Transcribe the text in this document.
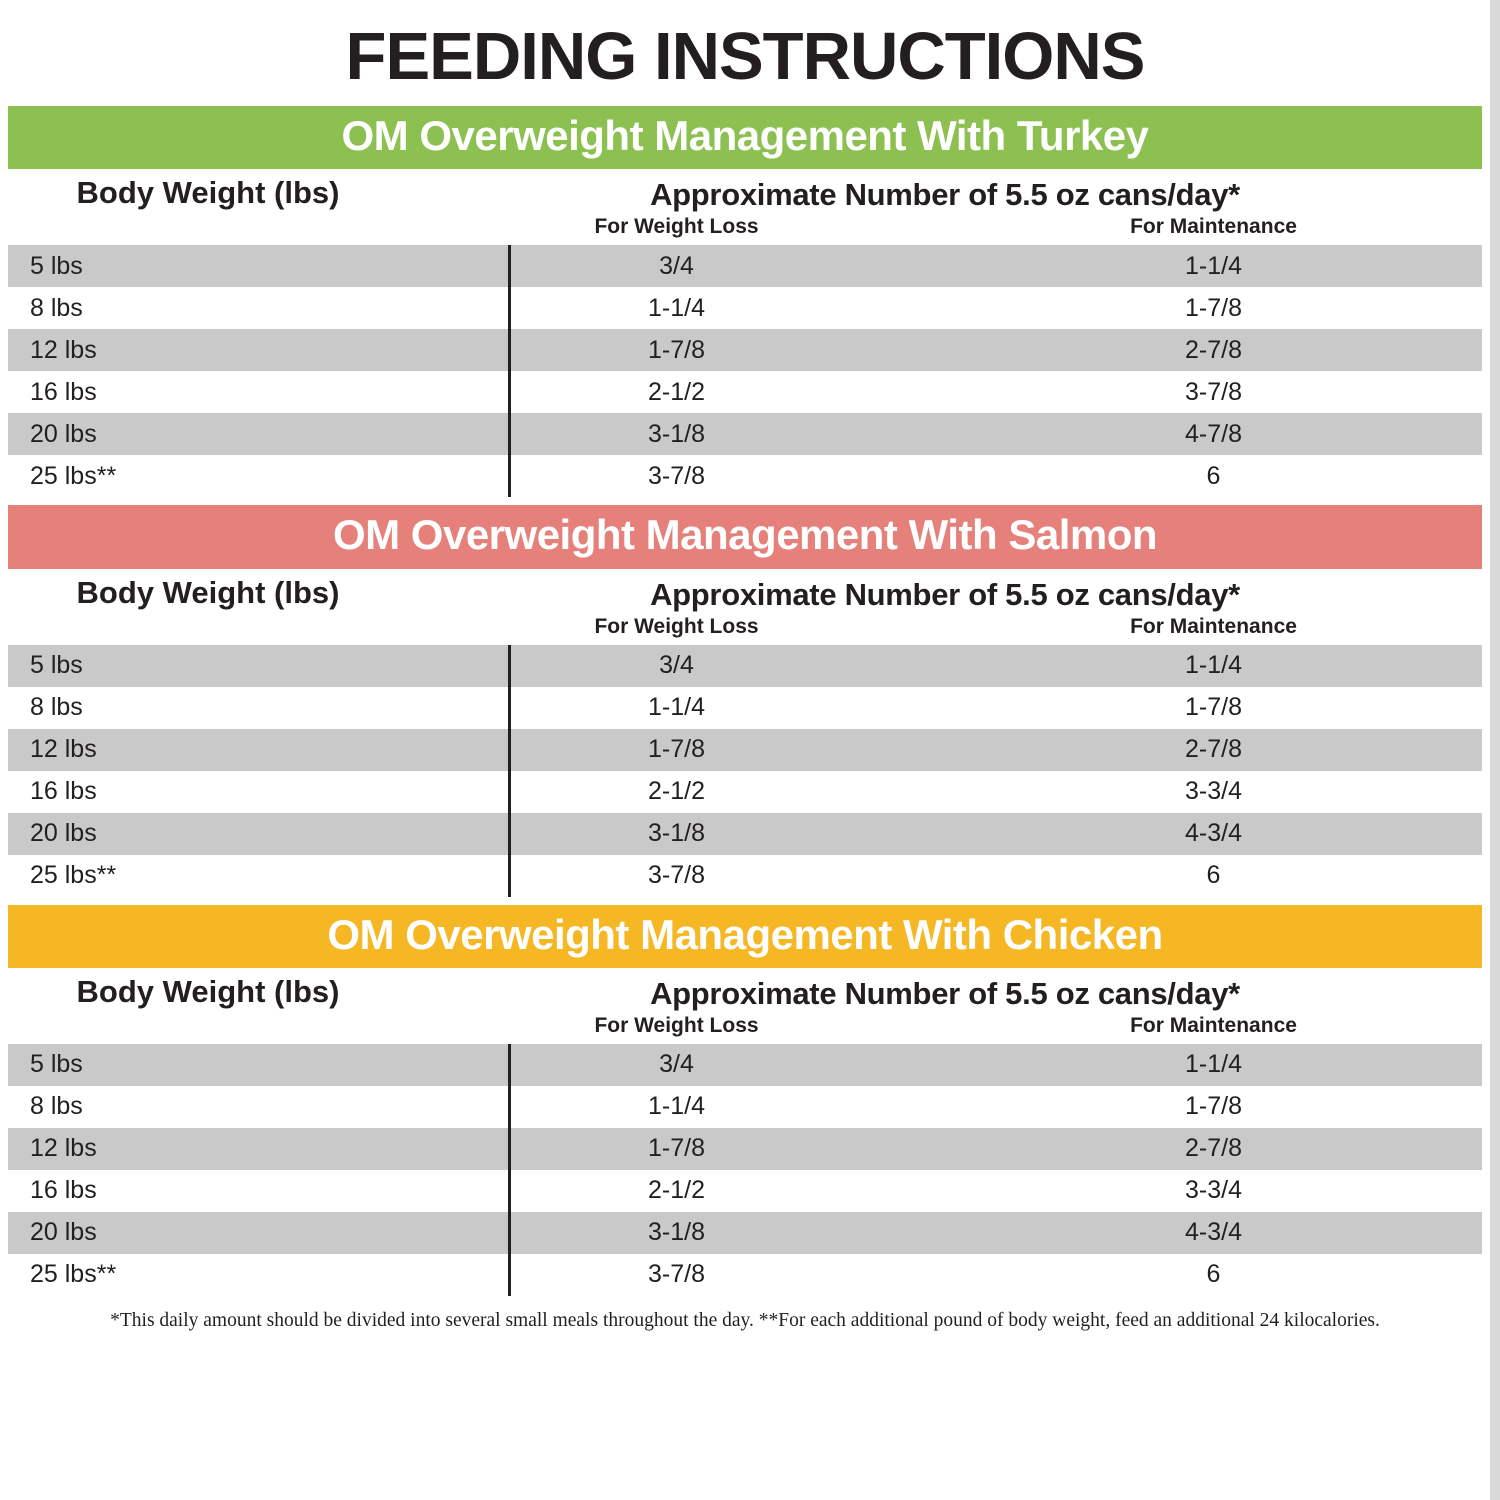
FEEDING INSTRUCTIONS
OM Overweight Management With Turkey
Body Weight (lbs)	Approximate Number of 5.5 oz cans/day*
For Weight Loss	For Maintenance
5 lbs	3/4	1-1/4
8 lbs	1-1/4	1-7/8
12 lbs	1-7/8	2-7/8
16 lbs	2-1/2	3-7/8
20 lbs	3-1/8	4-7/8
25 lbs**	3-7/8	6
OM Overweight Management With Salmon
Body Weight (lbs)	Approximate Number of 5.5 oz cans/day*
For Weight Loss	For Maintenance
5 lbs	3/4	1-1/4
8 lbs	1-1/4	1-7/8
12 lbs	1-7/8	2-7/8
16 lbs	2-1/2	3-3/4
20 lbs	3-1/8	4-3/4
25 lbs**	3-7/8	6
OM Overweight Management With Chicken
Body Weight (lbs)	Approximate Number of 5.5 oz cans/day*
For Weight Loss	For Maintenance
5 lbs	3/4	1-1/4
8 lbs	1-1/4	1-7/8
12 lbs	1-7/8	2-7/8
16 lbs	2-1/2	3-3/4
20 lbs	3-1/8	4-3/4
25 lbs**	3-7/8	6
*This daily amount should be divided into several small meals throughout the day. **For each additional pound of body weight, feed an additional 24 kilocalories.
